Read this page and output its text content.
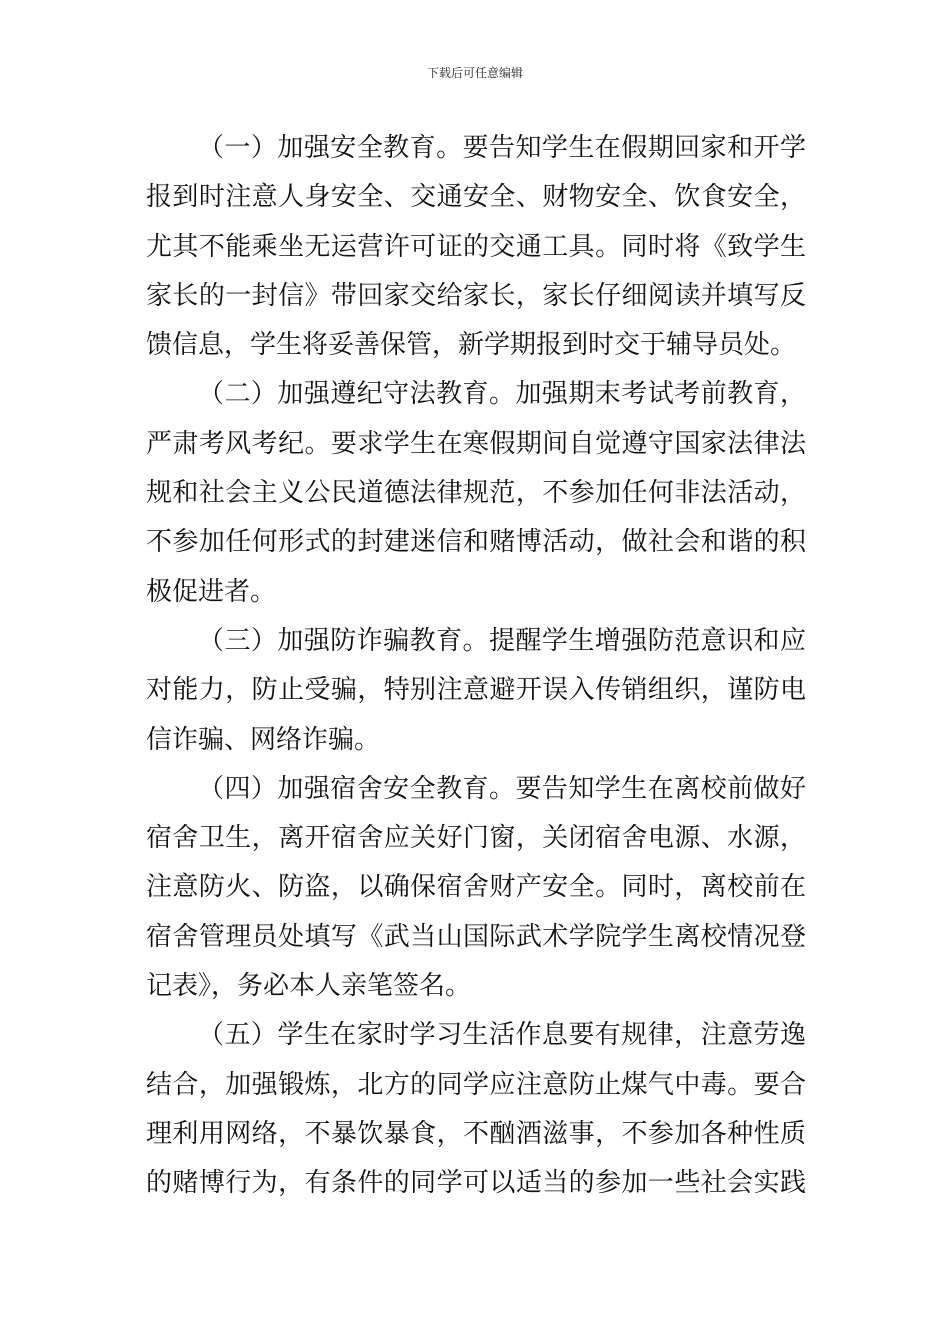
下载后可任意编辑

（一）加强安全教育。要告知学生在假期回家和开学报到时注意人身安全、交通安全、财物安全、饮食安全，尤其不能乘坐无运营许可证的交通工具。同时将《致学生家长的一封信》带回家交给家长，家长仔细阅读并填写反馈信息，学生将妥善保管，新学期报到时交于辅导员处。

（二）加强遵纪守法教育。加强期末考试考前教育，严肃考风考纪。要求学生在寒假期间自觉遵守国家法律法规和社会主义公民道德法律规范，不参加任何非法活动，不参加任何形式的封建迷信和赌博活动，做社会和谐的积极促进者。

（三）加强防诈骗教育。提醒学生增强防范意识和应对能力，防止受骗，特别注意避开误入传销组织，谨防电信诈骗、网络诈骗。

（四）加强宿舍安全教育。要告知学生在离校前做好宿舍卫生，离开宿舍应关好门窗，关闭宿舍电源、水源，注意防火、防盗，以确保宿舍财产安全。同时，离校前在宿舍管理员处填写《武当山国际武术学院学生离校情况登记表》，务必本人亲笔签名。

（五）学生在家时学习生活作息要有规律，注意劳逸结合，加强锻炼，北方的同学应注意防止煤气中毒。要合理利用网络，不暴饮暴食，不酗酒滋事，不参加各种性质的赌博行为，有条件的同学可以适当的参加一些社会实践
